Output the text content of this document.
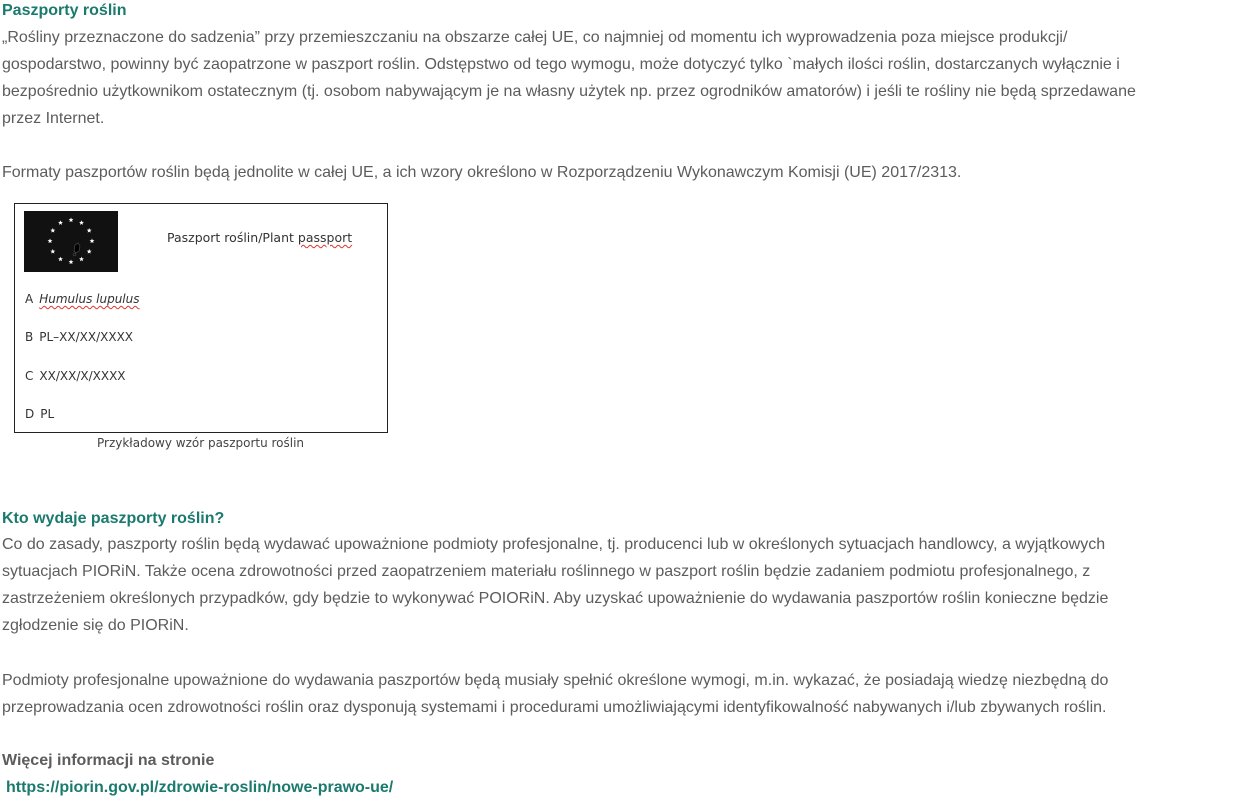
Paszporty roślin

„Rośliny przeznaczone do sadzenia” przy przemieszczaniu na obszarze całej UE, co najmniej od momentu ich wyprowadzenia poza miejsce produkcji/
gospodarstwo, powinny być zaopatrzone w paszport roślin. Odstępstwo od tego wymogu, może dotyczyć tylko `małych ilości roślin, dostarczanych wyłącznie i
bezpośrednio użytkownikom ostatecznym (tj. osobom nabywającym je na własny użytek np. przez ogrodników amatorów) i jeśli te rośliny nie będą sprzedawane
przez Internet.

Formaty paszportów roślin będą jednolite w całej UE, a ich wzory określono w Rozporządzeniu Wykonawczym Komisji (UE) 2017/2313.

Paszport roślin/Plant passport
A Humulus lupulus
B PL–XX/XX/XXXX
C XX/XX/X/XXXX
D PL
Przykładowy wzór paszportu roślin
Kto wydaje paszporty roślin?

Co do zasady, paszporty roślin będą wydawać upoważnione podmioty profesjonalne, tj. producenci lub w określonych sytuacjach handlowcy, a wyjątkowych
sytuacjach PIORiN. Także ocena zdrowotności przed zaopatrzeniem materiału roślinnego w paszport roślin będzie zadaniem podmiotu profesjonalnego, z
zastrzeżeniem określonych przypadków, gdy będzie to wykonywać POIORiN. Aby uzyskać upoważnienie do wydawania paszportów roślin konieczne będzie
zgłodzenie się do PIORiN.

Podmioty profesjonalne upoważnione do wydawania paszportów będą musiały spełnić określone wymogi, m.in. wykazać, że posiadają wiedzę niezbędną do
przeprowadzania ocen zdrowotności roślin oraz dysponują systemami i procedurami umożliwiającymi identyfikowalność nabywanych i/lub zbywanych roślin.

Więcej informacji na stronie
https://piorin.gov.pl/zdrowie-roslin/nowe-prawo-ue/
